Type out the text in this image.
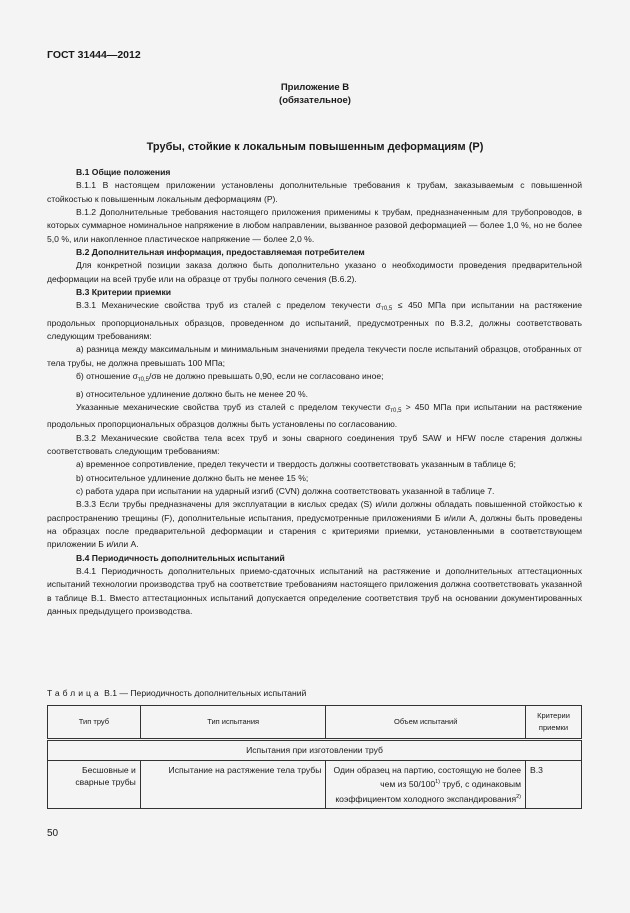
ГОСТ 31444—2012
Приложение В
(обязательное)
Трубы, стойкие к локальным повышенным деформациям (Р)

В.1 Общие положения

В.1.1 В настоящем приложении установлены дополнительные требования к трубам, заказываемым с повышенной стойкостью к повышенным локальным деформациям (Р).

В.1.2 Дополнительные требования настоящего приложения применимы к трубам, предназначенным для трубопроводов, в которых суммарное номинальное напряжение в любом направлении, вызванное разовой деформацией — более 1,0 %, но не более 5,0 %, или накопленное пластическое напряжение — более 2,0 %.

В.2 Дополнительная информация, предоставляемая потребителем

Для конкретной позиции заказа должно быть дополнительно указано о необходимости проведения предварительной деформации на всей трубе или на образце от трубы полного сечения (В.6.2).

В.3 Критерии приемки

В.3.1 Механические свойства труб из сталей с пределом текучести $\sigma_{т0,5} \le 450$ МПа при испытании на растяжение продольных пропорциональных образцов, проведенном до испытаний, предусмотренных по В.3.2, должны соответствовать следующим требованиям:

а) разница между максимальным и минимальным значениями предела текучести после испытаний образцов, отобранных от тела трубы, не должна превышать 100 МПа;

б) отношение $\sigma_{т0,5}/\sigma в$ не должно превышать 0,90, если не согласовано иное;

в) относительное удлинение должно быть не менее 20 %.

Указанные механические свойства труб из сталей с пределом текучести $\sigma_{т0,5} > 450$ МПа при испытании на растяжение продольных пропорциональных образцов должны быть установлены по согласованию.

В.3.2 Механические свойства тела всех труб и зоны сварного соединения труб SAW и HFW после старения должны соответствовать следующим требованиям:

а) временное сопротивление, предел текучести и твердость должны соответствовать указанным в таблице 6;

b) относительное удлинение должно быть не менее 15 %;

c) работа удара при испытании на ударный изгиб (CVN) должна соответствовать указанной в таблице 7.

В.3.3 Если трубы предназначены для эксплуатации в кислых средах (S) и/или должны обладать повышенной стойкостью к распространению трещины (F), дополнительные испытания, предусмотренные приложениями Б и/или А, должны быть проведены на образцах после предварительной деформации и старения с критериями приемки, установленными в соответствующем приложении Б и/или А.

В.4 Периодичность дополнительных испытаний

В.4.1 Периодичность дополнительных приемо-сдаточных испытаний на растяжение и дополнительных аттестационных испытаний технологии производства труб на соответствие требованиям настоящего приложения должна соответствовать указанной в таблице В.1. Вместо аттестационных испытаний допускается определение соответствия труб на основании документированных данных предыдущего производства.

Таблица В.1 — Периодичность дополнительных испытаний
Тип труб	Тип испытания	Объем испытаний	Критерии приемки
Испытания при изготовлении труб			
Бесшовные и сварные трубы	Испытание на растяжение тела трубы	Один образец на партию, состоящую не более чем из 50/100$^{1)}$ труб, с одинаковым коэффициентом холодного экспандирования$^{2)}$	В.3
50
